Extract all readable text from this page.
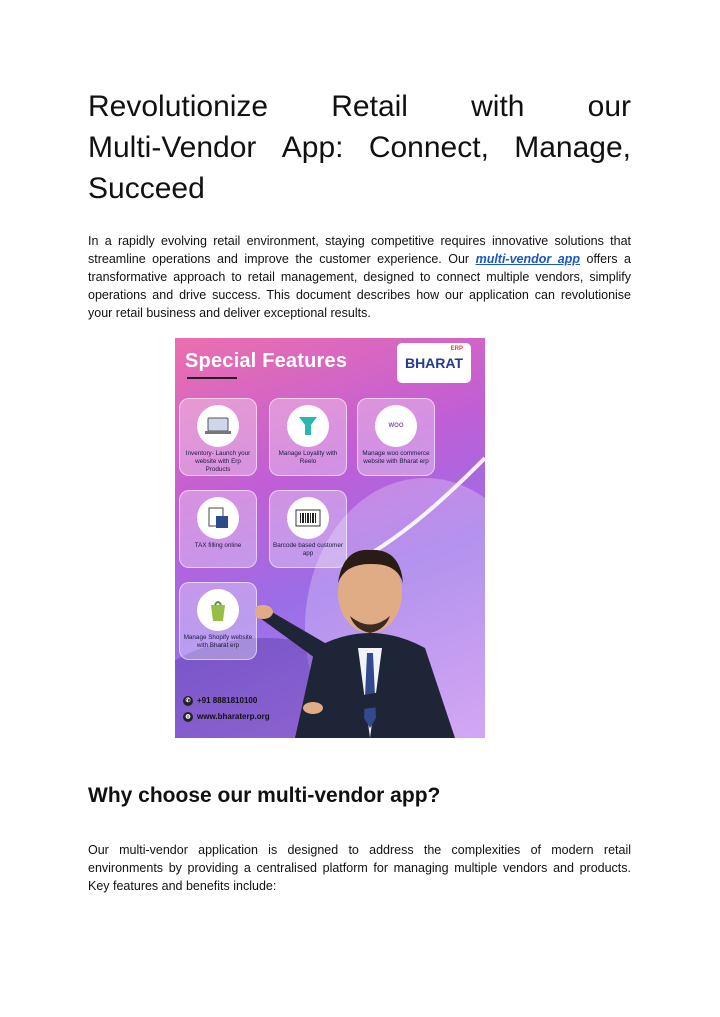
Revolutionize Retail with our
Multi-Vendor App: Connect, Manage,
Succeed

In a rapidly evolving retail environment, staying competitive requires innovative solutions that streamline operations and improve the customer experience. Our multi-vendor app offers a transformative approach to retail management, designed to connect multiple vendors, simplify operations and drive success. This document describes how our application can revolutionise your retail business and deliver exceptional results.

Special Features	BHARAT
ERP
Inventory- Launch your website with Erp Products
Manage Loyality with Reelo
WOO
Manage woo commerce website with Bharat erp
TAX filling online	Barcode based customer app
Manage Shopify website with Bharat erp
✆ +91 8881810100
◍ www.bharaterp.org
Why choose our multi-vendor app?

Our multi-vendor application is designed to address the complexities of modern retail environments by providing a centralised platform for managing multiple vendors and products. Key features and benefits include:
